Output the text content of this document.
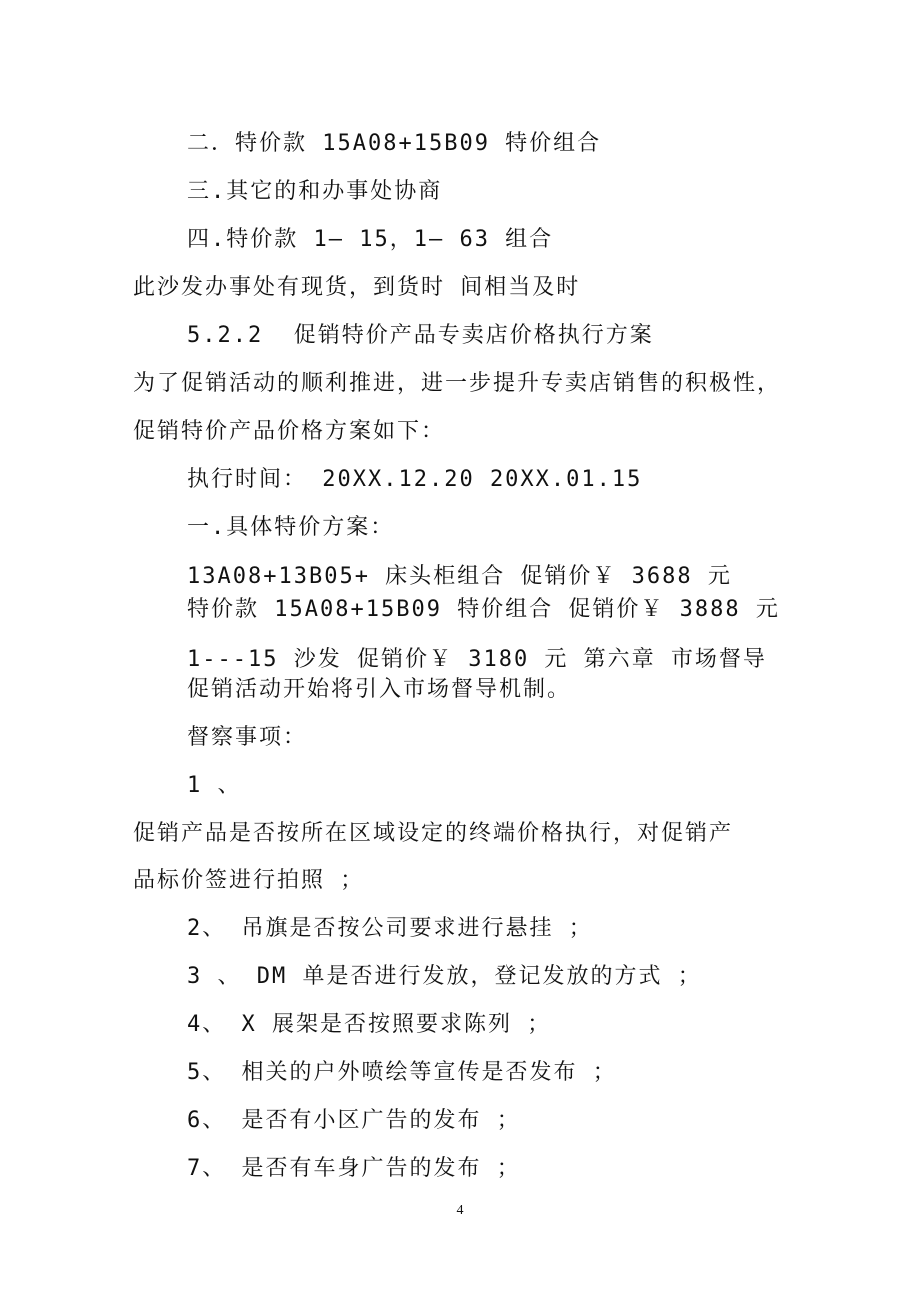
二．特价款 15A08+15B09 特价组合
三.其它的和办事处协商
四.特价款 1— 15，1— 63 组合
此沙发办事处有现货，到货时 间相当及时
5.2.2  促销特价产品专卖店价格执行方案
为了促销活动的顺利推进，进一步提升专卖店销售的积极性，
促销特价产品价格方案如下：
执行时间： 20XX.12.20 20XX.01.15
一.具体特价方案：
13A08+13B05+ 床头柜组合 促销价￥ 3688 元
特价款 15A08+15B09 特价组合 促销价￥ 3888 元
1---15 沙发 促销价￥ 3180 元 第六章 市场督导
促销活动开始将引入市场督导机制。
督察事项：
1 、
促销产品是否按所在区域设定的终端价格执行，对促销产
品标价签进行拍照 ；
2、 吊旗是否按公司要求进行悬挂 ；
3 、 DM 单是否进行发放，登记发放的方式 ；
4、 X 展架是否按照要求陈列 ；
5、 相关的户外喷绘等宣传是否发布 ；
6、 是否有小区广告的发布 ；
7、 是否有车身广告的发布 ；
4
